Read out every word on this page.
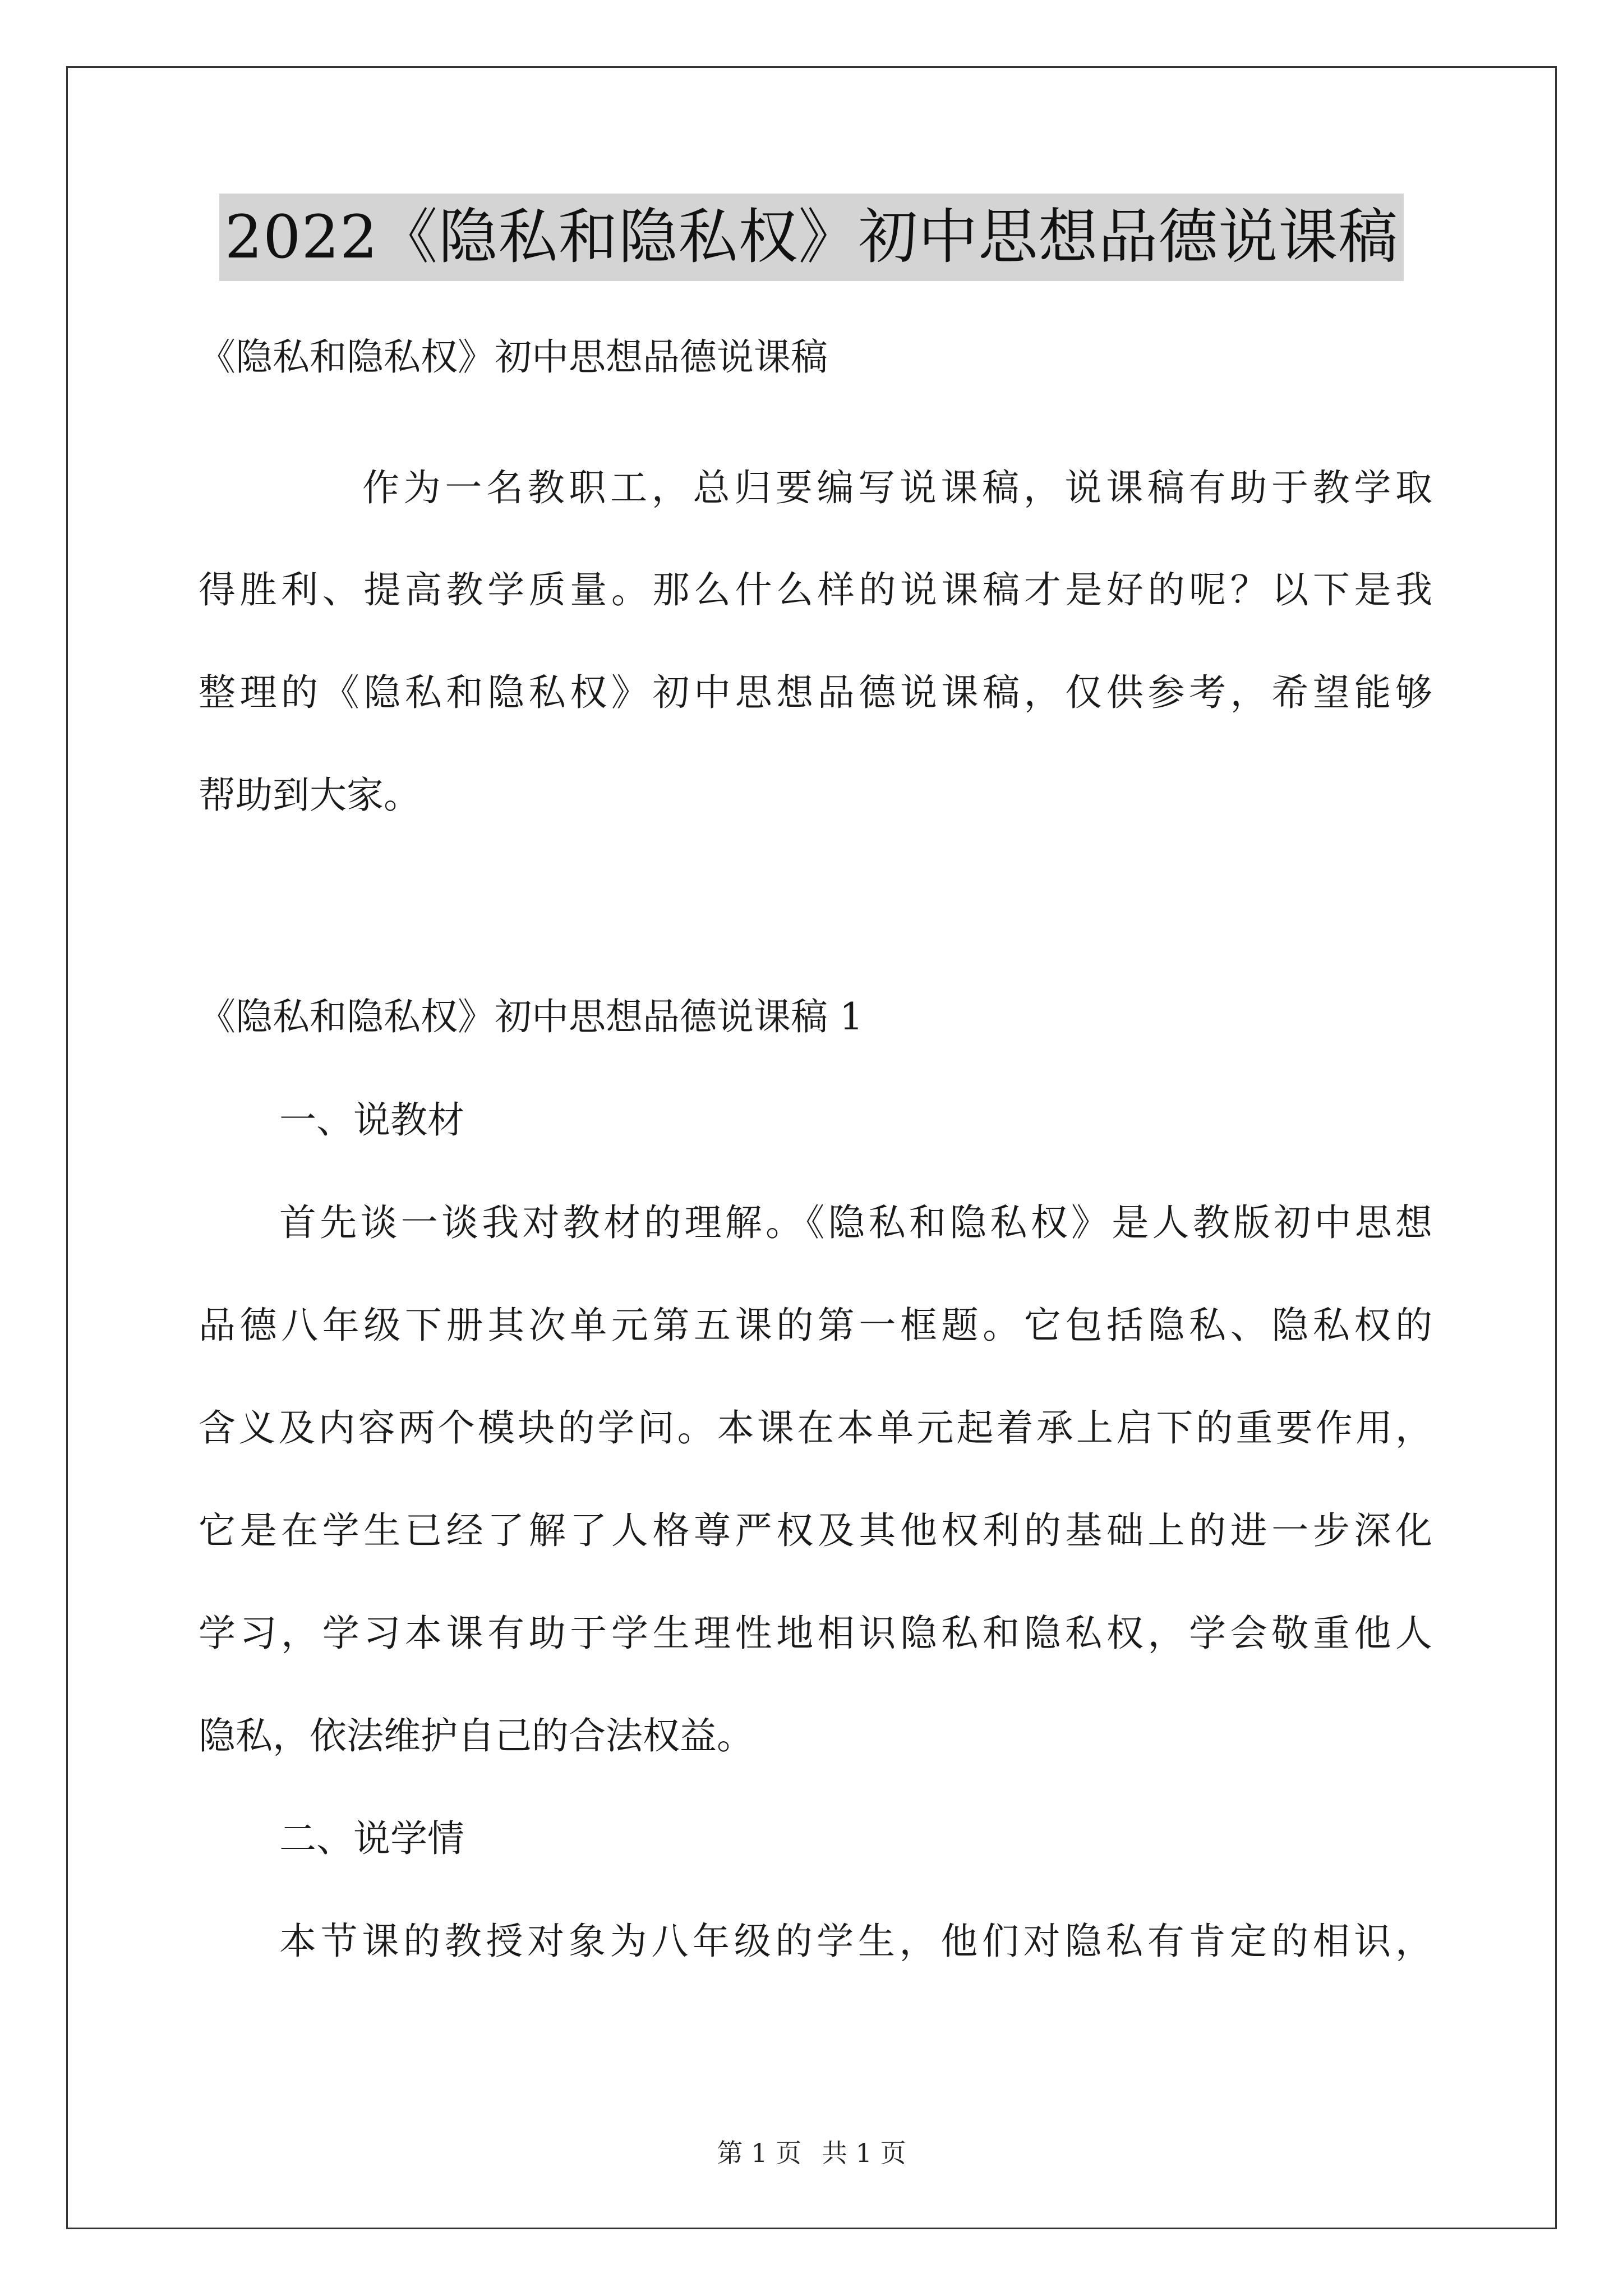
2022《隐私和隐私权》初中思想品德说课稿
《隐私和隐私权》初中思想品德说课稿
作为一名教职工，总归要编写说课稿，说课稿有助于教学取
得胜利、提高教学质量。那么什么样的说课稿才是好的呢？以下是我
整理的《隐私和隐私权》初中思想品德说课稿，仅供参考，希望能够
帮助到大家。
《隐私和隐私权》初中思想品德说课稿 1
一、说教材
首先谈一谈我对教材的理解。《隐私和隐私权》是人教版初中思想
品德八年级下册其次单元第五课的第一框题。它包括隐私、隐私权的
含义及内容两个模块的学问。本课在本单元起着承上启下的重要作用，
它是在学生已经了解了人格尊严权及其他权利的基础上的进一步深化
学习，学习本课有助于学生理性地相识隐私和隐私权，学会敬重他人
隐私，依法维护自己的合法权益。
二、说学情
本节课的教授对象为八年级的学生，他们对隐私有肯定的相识，
第 1 页 共 1 页
